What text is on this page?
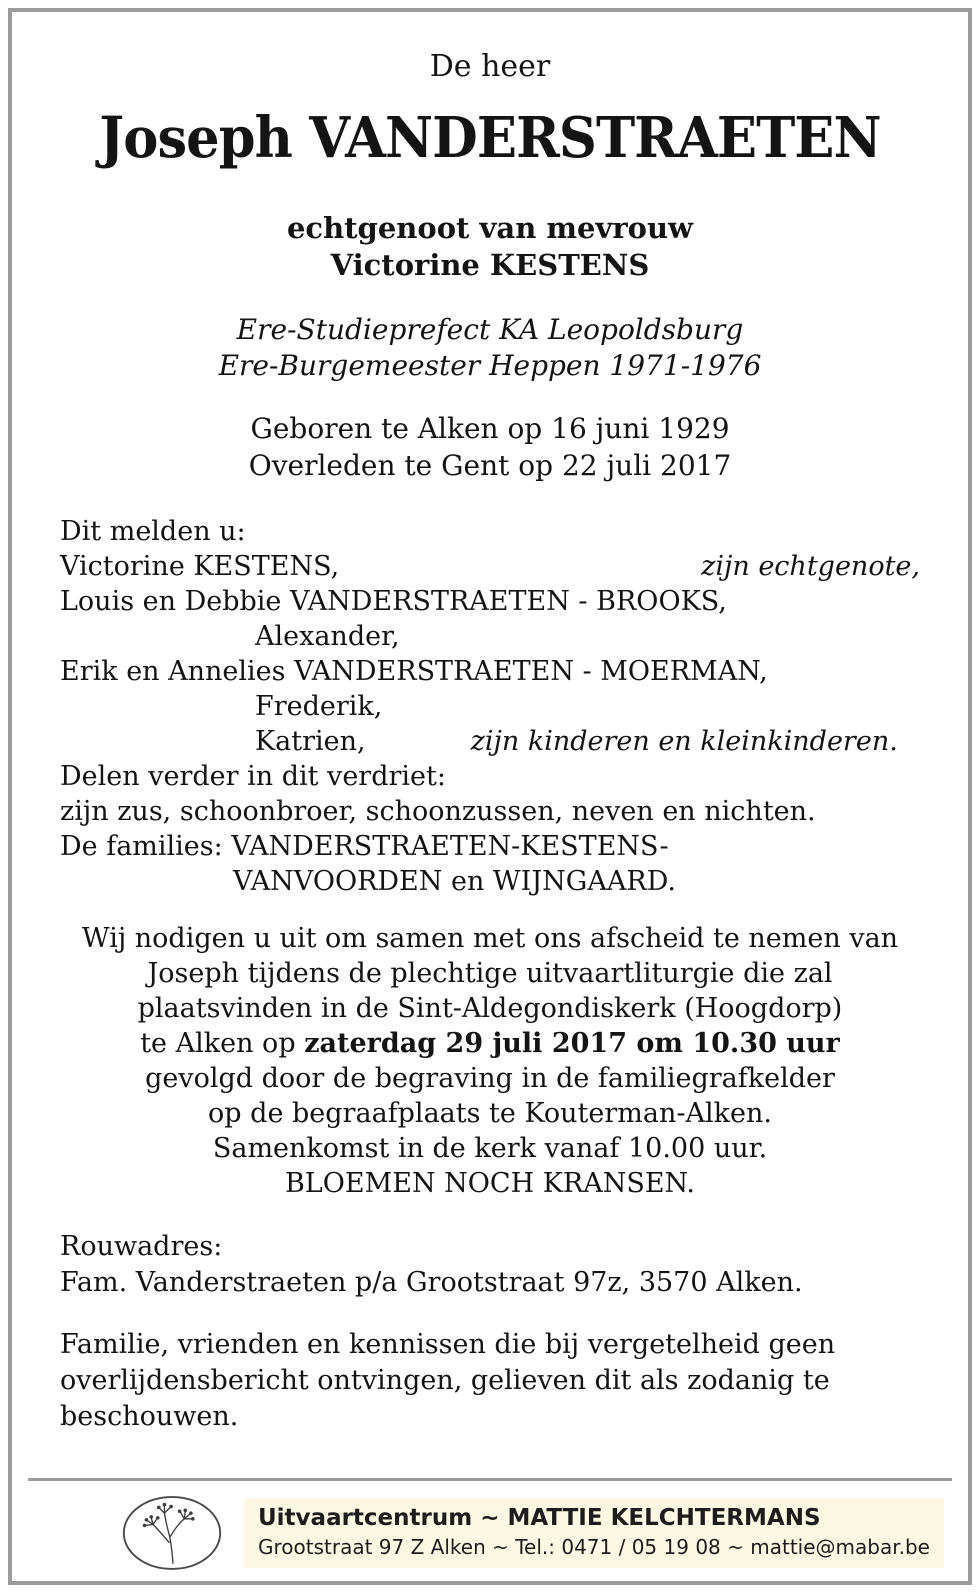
De heer
Joseph VANDERSTRAETEN
echtgenoot van mevrouw
Victorine KESTENS
Ere-Studieprefect KA Leopoldsburg
Ere-Burgemeester Heppen 1971-1976
Geboren te Alken op 16 juni 1929
Overleden te Gent op 22 juli 2017
Dit melden u:
Victorine KESTENS,	zijn echtgenote,
Louis en Debbie VANDERSTRAETEN - BROOKS,
Alexander,
Erik en Annelies VANDERSTRAETEN - MOERMAN,
Frederik,
Katrien,	zijn kinderen en kleinkinderen.
Delen verder in dit verdriet:
zijn zus, schoonbroer, schoonzussen, neven en nichten.
De families: VANDERSTRAETEN-KESTENS-
VANVOORDEN en WIJNGAARD.
Wij nodigen u uit om samen met ons afscheid te nemen van
Joseph tijdens de plechtige uitvaartliturgie die zal
plaatsvinden in de Sint-Aldegondiskerk (Hoogdorp)
te Alken op zaterdag 29 juli 2017 om 10.30 uur
gevolgd door de begraving in de familiegrafkelder
op de begraafplaats te Kouterman-Alken.
Samenkomst in de kerk vanaf 10.00 uur.
BLOEMEN NOCH KRANSEN.
Rouwadres:
Fam. Vanderstraeten p/a Grootstraat 97z, 3570 Alken.
Familie, vrienden en kennissen die bij vergetelheid geen
overlijdensbericht ontvingen, gelieven dit als zodanig te
beschouwen.
Uitvaartcentrum ~ MATTIE KELCHTERMANS
Grootstraat 97 Z Alken ~ Tel.: 0471 / 05 19 08 ~ mattie@mabar.be
